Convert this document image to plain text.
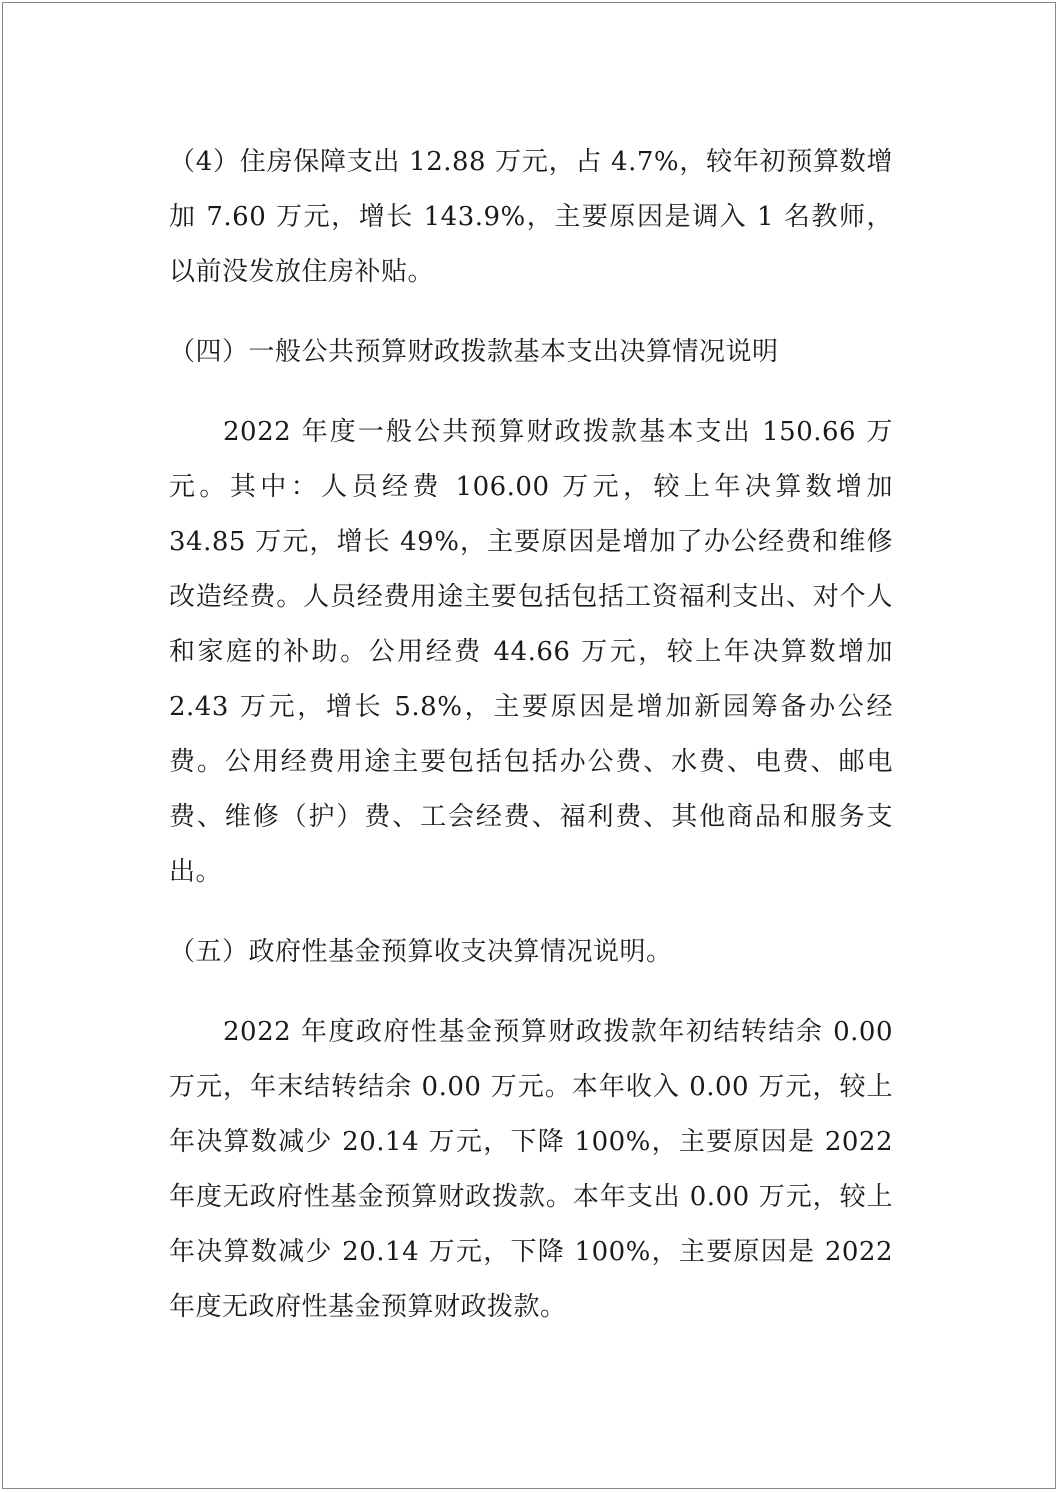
（4）住房保障支出 12.88 万元，占 4.7%，较年初预算数增加 7.60 万元，增长 143.9%，主要原因是调入 1 名教师，以前没发放住房补贴。

（四）一般公共预算财政拨款基本支出决算情况说明

2022 年度一般公共预算财政拨款基本支出 150.66 万元。其中：人员经费 106.00 万元，较上年决算数增加 34.85 万元，增长 49%，主要原因是增加了办公经费和维修改造经费。人员经费用途主要包括包括工资福利支出、对个人和家庭的补助。公用经费 44.66 万元，较上年决算数增加 2.43 万元，增长 5.8%，主要原因是增加新园筹备办公经费。公用经费用途主要包括包括办公费、水费、电费、邮电费、维修（护）费、工会经费、福利费、其他商品和服务支出。

（五）政府性基金预算收支决算情况说明。

2022 年度政府性基金预算财政拨款年初结转结余 0.00 万元，年末结转结余 0.00 万元。本年收入 0.00 万元，较上年决算数减少 20.14 万元，下降 100%，主要原因是 2022 年度无政府性基金预算财政拨款。本年支出 0.00 万元，较上年决算数减少 20.14 万元，下降 100%，主要原因是 2022 年度无政府性基金预算财政拨款。
